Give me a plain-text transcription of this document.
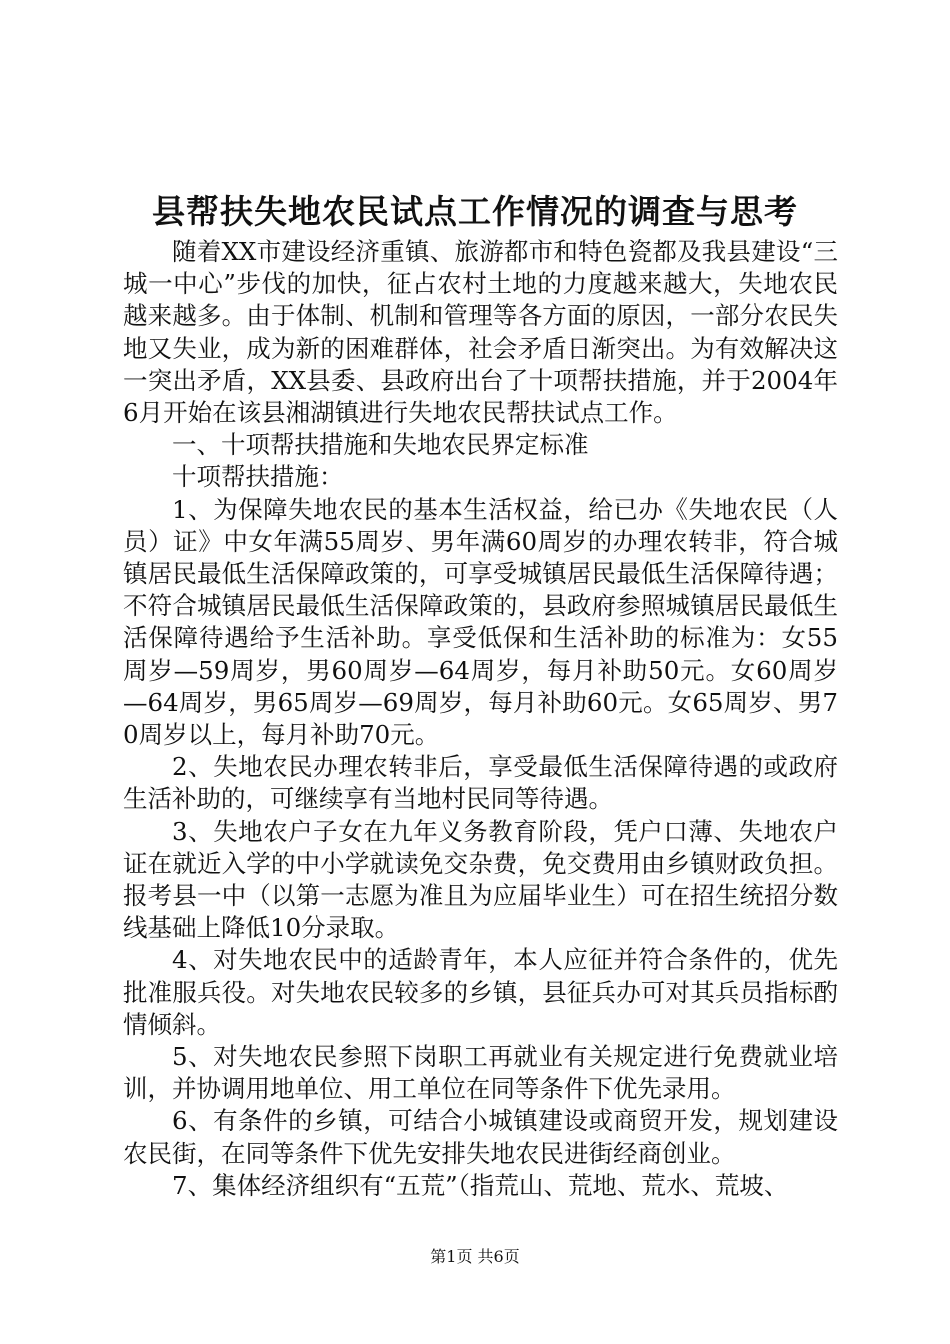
县帮扶失地农民试点工作情况的调查与思考

随着XX市建设经济重镇、旅游都市和特色瓷都及我县建设“三城一中心”步伐的加快，征占农村土地的力度越来越大，失地农民越来越多。由于体制、机制和管理等各方面的原因，一部分农民失地又失业，成为新的困难群体，社会矛盾日渐突出。为有效解决这一突出矛盾，XX县委、县政府出台了十项帮扶措施，并于2004年6月开始在该县湘湖镇进行失地农民帮扶试点工作。

一、十项帮扶措施和失地农民界定标准

十项帮扶措施：

1、为保障失地农民的基本生活权益，给已办《失地农民（人员）证》中女年满55周岁、男年满60周岁的办理农转非，符合城镇居民最低生活保障政策的，可享受城镇居民最低生活保障待遇；不符合城镇居民最低生活保障政策的，县政府参照城镇居民最低生活保障待遇给予生活补助。享受低保和生活补助的标准为：女55周岁—59周岁，男60周岁—64周岁，每月补助50元。女60周岁—64周岁，男65周岁—69周岁，每月补助60元。女65周岁、男70周岁以上，每月补助70元。

2、失地农民办理农转非后，享受最低生活保障待遇的或政府生活补助的，可继续享有当地村民同等待遇。

3、失地农户子女在九年义务教育阶段，凭户口薄、失地农户证在就近入学的中小学就读免交杂费，免交费用由乡镇财政负担。报考县一中（以第一志愿为准且为应届毕业生）可在招生统招分数线基础上降低10分录取。

4、对失地农民中的适龄青年，本人应征并符合条件的，优先批准服兵役。对失地农民较多的乡镇，县征兵办可对其兵员指标酌情倾斜。

5、对失地农民参照下岗职工再就业有关规定进行免费就业培训，并协调用地单位、用工单位在同等条件下优先录用。

6、有条件的乡镇，可结合小城镇建设或商贸开发，规划建设农民街，在同等条件下优先安排失地农民进街经商创业。

7、集体经济组织有“五荒”（指荒山、荒地、荒水、荒坡、

第1页 共6页
